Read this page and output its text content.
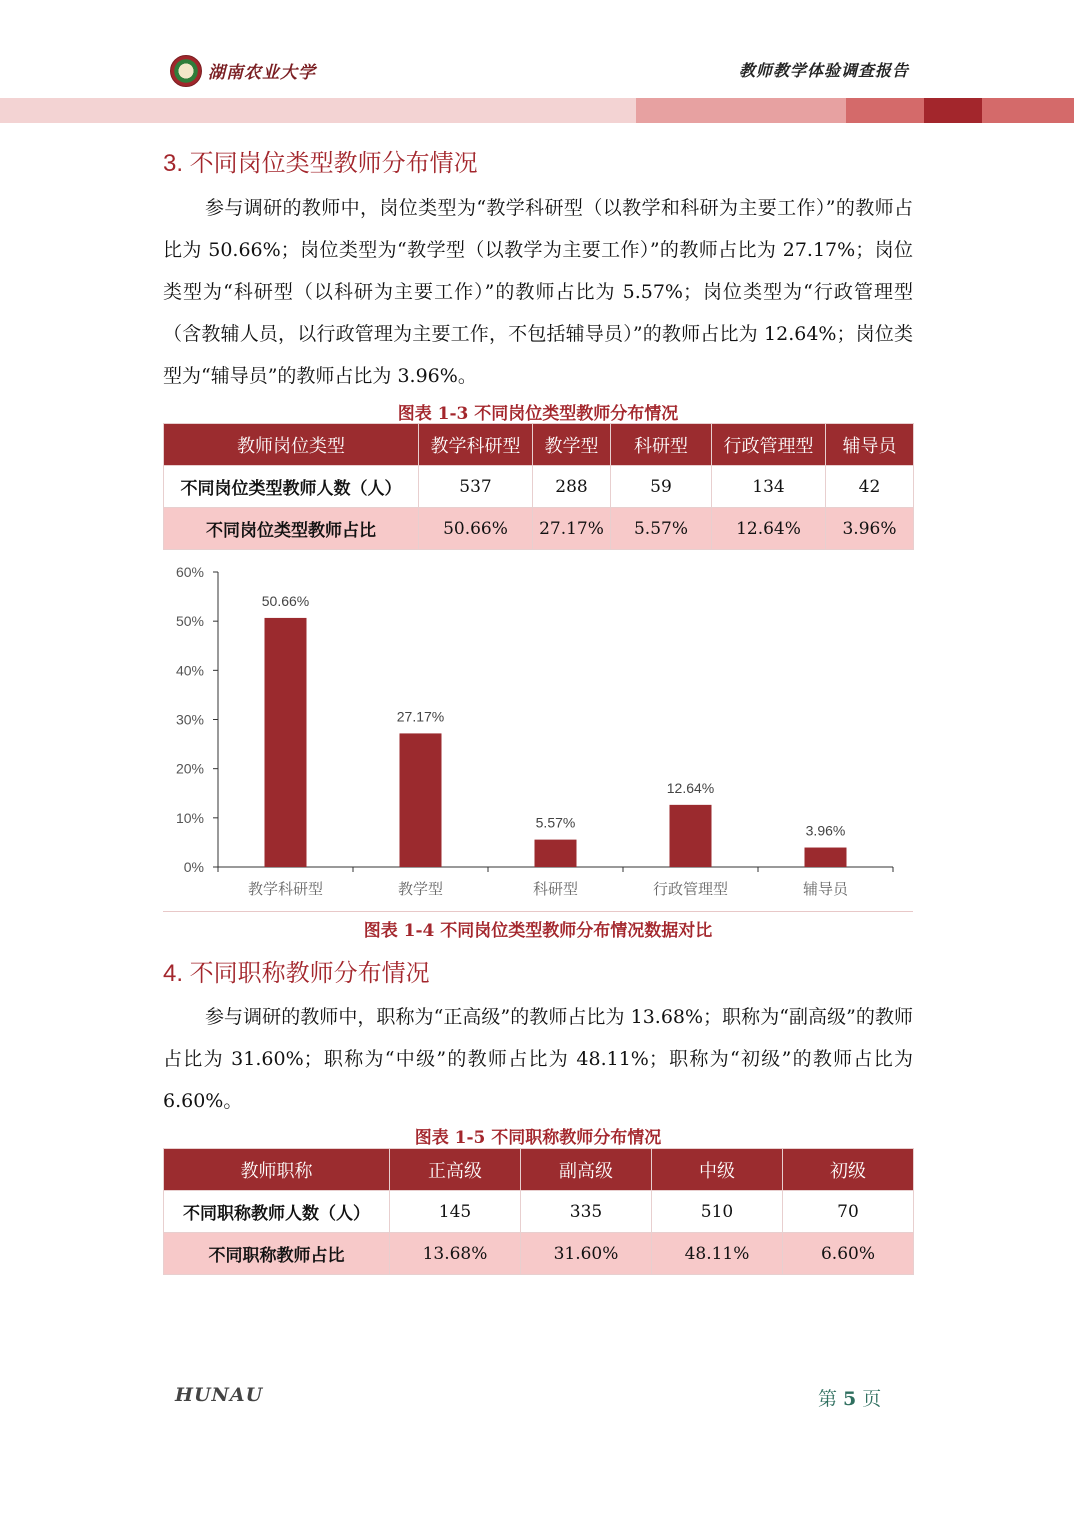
湖南农业大学	教师教学体验调查报告
3. 不同岗位类型教师分布情况
参与调研的教师中，岗位类型为“教学科研型（以教学和科研为主要工作）”的教师占比为 50.66%；岗位类型为“教学型（以教学为主要工作）”的教师占比为 27.17%；岗位类型为“科研型（以科研为主要工作）”的教师占比为 5.57%；岗位类型为“行政管理型（含教辅人员，以行政管理为主要工作，不包括辅导员）”的教师占比为 12.64%；岗位类型为“辅导员”的教师占比为 3.96%。
图表 1-3 不同岗位类型教师分布情况
教师岗位类型	教学科研型	教学型	科研型	行政管理型	辅导员
不同岗位类型教师人数（人）	537	288	59	134	42
不同岗位类型教师占比	50.66%	27.17%	5.57%	12.64%	3.96%
0%
10%
20%
30%
40%
50%
60%
50.66%
教学科研型
27.17%
教学型
5.57%
科研型
12.64%
行政管理型
3.96%
辅导员
图表 1-4 不同岗位类型教师分布情况数据对比
4. 不同职称教师分布情况
参与调研的教师中，职称为“正高级”的教师占比为 13.68%；职称为“副高级”的教师占比为 31.60%；职称为“中级”的教师占比为 48.11%；职称为“初级”的教师占比为 6.60%。
图表 1-5 不同职称教师分布情况
教师职称	正高级	副高级	中级	初级
不同职称教师人数（人）	145	335	510	70
不同职称教师占比	13.68%	31.60%	48.11%	6.60%
HUNAU	第 5 页
